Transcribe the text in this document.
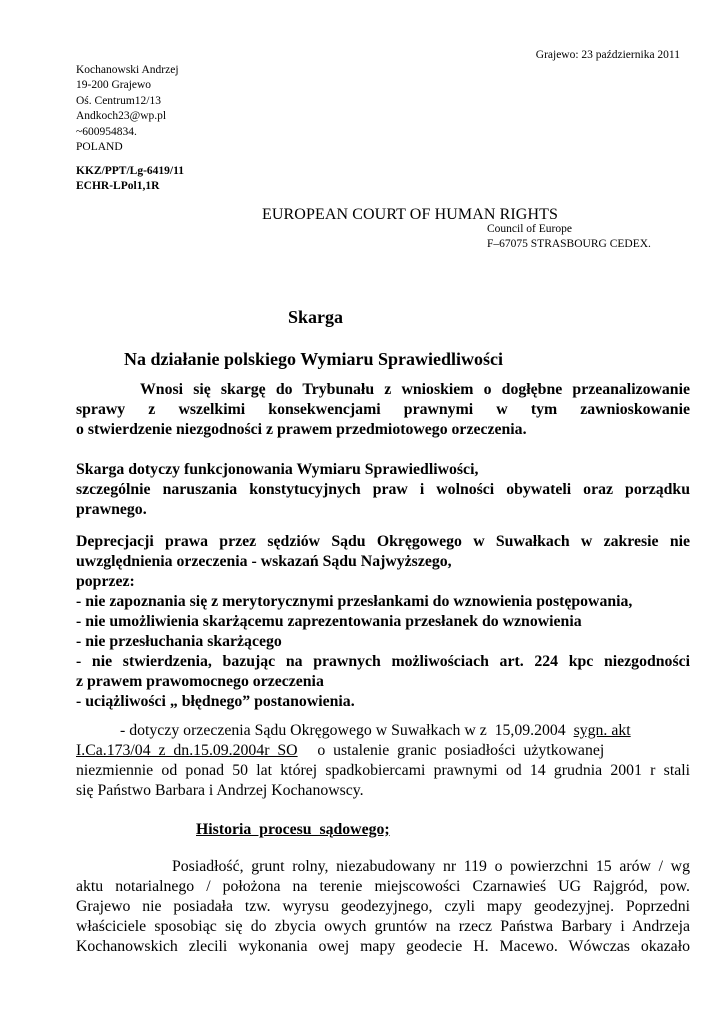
Grajewo: 23 października 2011
Kochanowski Andrzej
19-200 Grajewo
Oś. Centrum12/13
Andkoch23@wp.pl
~600954834.
POLAND
KKZ/PPT/Lg-6419/11
ECHR-LPol1,1R
EUROPEAN COURT OF HUMAN RIGHTS
Council of Europe
F–67075 STRASBOURG CEDEX.
Skarga
Na działanie polskiego Wymiaru Sprawiedliwości
Wnosi się skargę do Trybunału z wnioskiem o dogłębne przeanalizowanie
sprawy z wszelkimi konsekwencjami prawnymi w tym zawnioskowanie
o stwierdzenie niezgodności z prawem przedmiotowego orzeczenia.
Skarga dotyczy funkcjonowania Wymiaru Sprawiedliwości,
szczególnie naruszania konstytucyjnych praw i wolności obywateli oraz porządku
prawnego.
Deprecjacji prawa przez sędziów Sądu Okręgowego w Suwałkach w zakresie nie
uwzględnienia orzeczenia - wskazań Sądu Najwyższego,
poprzez:
- nie zapoznania się z merytorycznymi przesłankami do wznowienia postępowania,
- nie umożliwienia skarżącemu zaprezentowania przesłanek do wznowienia
- nie przesłuchania skarżącego
- nie stwierdzenia, bazując na prawnych możliwościach art. 224 kpc niezgodności
z prawem prawomocnego orzeczenia
- uciążliwości „ błędnego” postanowienia.
- dotyczy orzeczenia Sądu Okręgowego w Suwałkach w z  15,09.2004  sygn. akt
I.Ca.173/04  z  dn.15.09.2004r  SO     o  ustalenie  granic  posiadłości  użytkowanej
niezmiennie od ponad 50 lat której spadkobiercami prawnymi od 14 grudnia 2001 r stali
się Państwo Barbara i Andrzej Kochanowscy.
Historia  procesu  sądowego;
Posiadłość, grunt rolny, niezabudowany nr 119 o powierzchni 15 arów / wg
aktu notarialnego / położona na terenie miejscowości Czarnawieś UG Rajgród, pow.
Grajewo nie posiadała tzw. wyrysu geodezyjnego, czyli mapy geodezyjnej. Poprzedni
właściciele sposobiąc się do zbycia owych gruntów na rzecz Państwa Barbary i Andrzeja
Kochanowskich zlecili wykonania owej mapy geodecie H. Macewo. Wówczas okazało
